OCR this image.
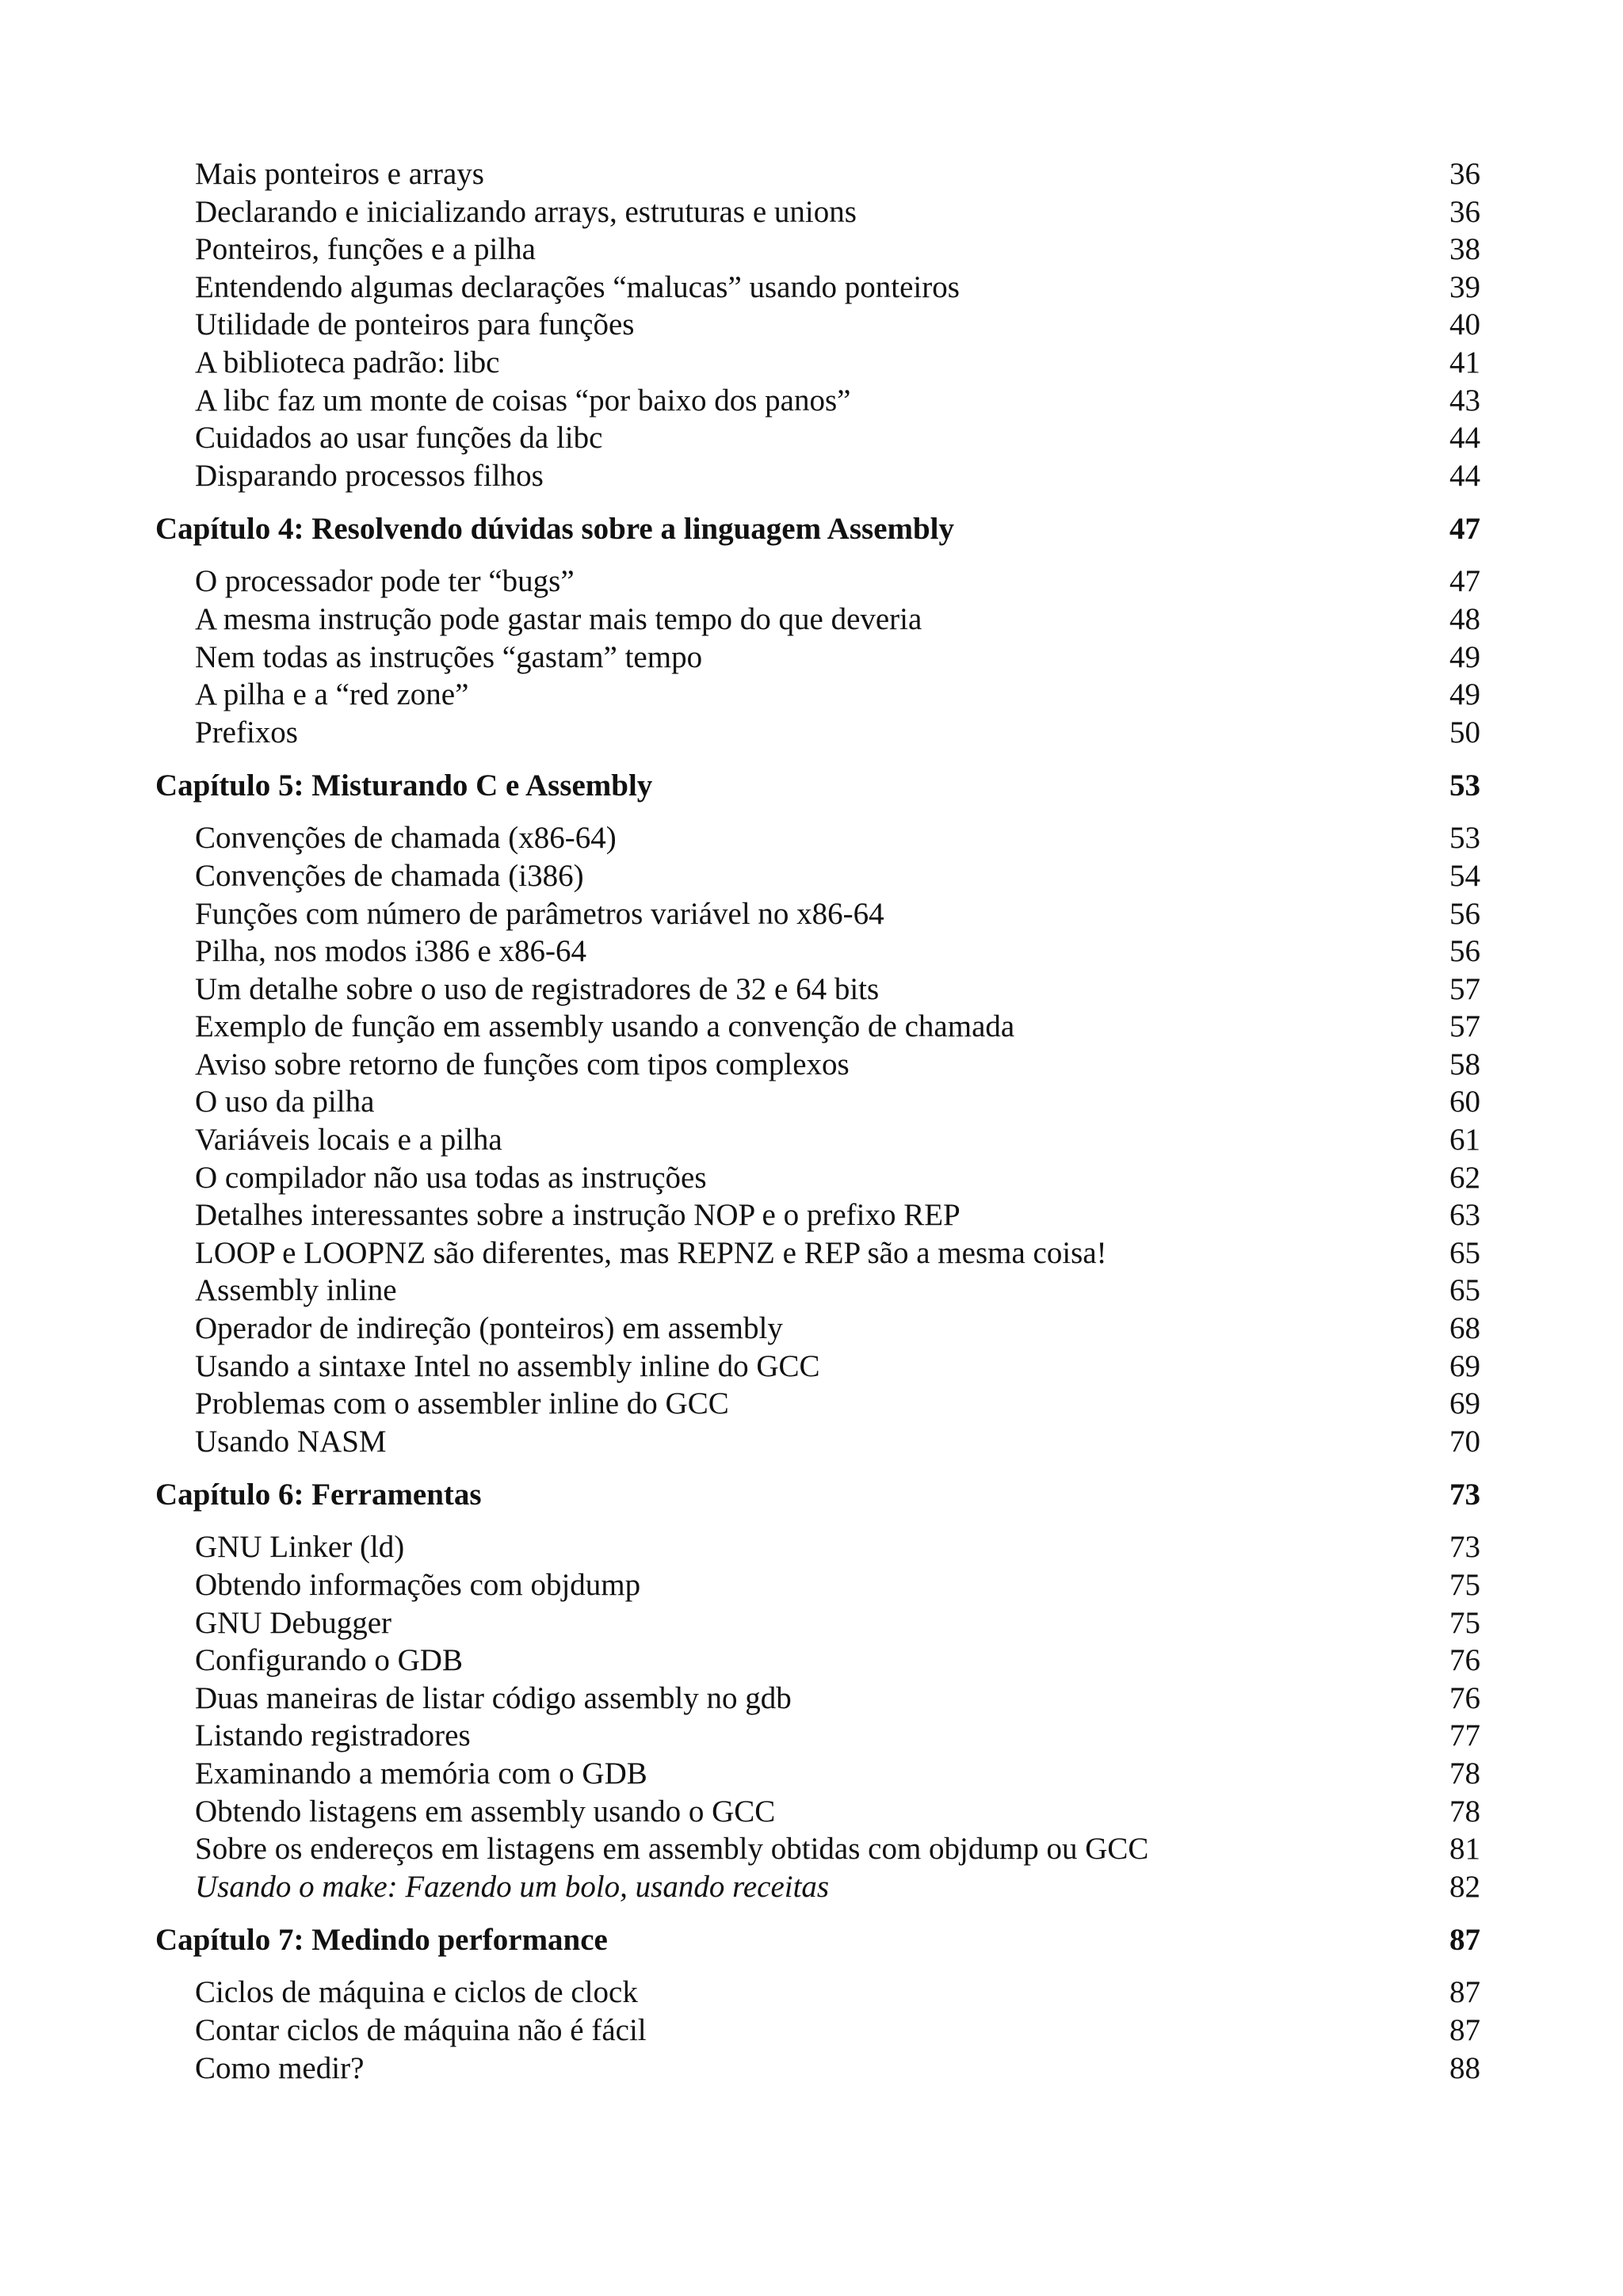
Mais ponteiros e arrays	36
Declarando e inicializando arrays, estruturas e unions	36
Ponteiros, funções e a pilha	38
Entendendo algumas declarações “malucas” usando ponteiros	39
Utilidade de ponteiros para funções	40
A biblioteca padrão: libc	41
A libc faz um monte de coisas “por baixo dos panos”	43
Cuidados ao usar funções da libc	44
Disparando processos filhos	44
Capítulo 4: Resolvendo dúvidas sobre a linguagem Assembly	47
O processador pode ter “bugs”	47
A mesma instrução pode gastar mais tempo do que deveria	48
Nem todas as instruções “gastam” tempo	49
A pilha e a “red zone”	49
Prefixos	50
Capítulo 5: Misturando C e Assembly	53
Convenções de chamada (x86-64)	53
Convenções de chamada (i386)	54
Funções com número de parâmetros variável no x86-64	56
Pilha, nos modos i386 e x86-64	56
Um detalhe sobre o uso de registradores de 32 e 64 bits	57
Exemplo de função em assembly usando a convenção de chamada	57
Aviso sobre retorno de funções com tipos complexos	58
O uso da pilha	60
Variáveis locais e a pilha	61
O compilador não usa todas as instruções	62
Detalhes interessantes sobre a instrução NOP e o prefixo REP	63
LOOP e LOOPNZ são diferentes, mas REPNZ e REP são a mesma coisa!	65
Assembly inline	65
Operador de indireção (ponteiros) em assembly	68
Usando a sintaxe Intel no assembly inline do GCC	69
Problemas com o assembler inline do GCC	69
Usando NASM	70
Capítulo 6: Ferramentas	73
GNU Linker (ld)	73
Obtendo informações com objdump	75
GNU Debugger	75
Configurando o GDB	76
Duas maneiras de listar código assembly no gdb	76
Listando registradores	77
Examinando a memória com o GDB	78
Obtendo listagens em assembly usando o GCC	78
Sobre os endereços em listagens em assembly obtidas com objdump ou GCC	81
Usando o make: Fazendo um bolo, usando receitas	82
Capítulo 7: Medindo performance	87
Ciclos de máquina e ciclos de clock	87
Contar ciclos de máquina não é fácil	87
Como medir?	88
